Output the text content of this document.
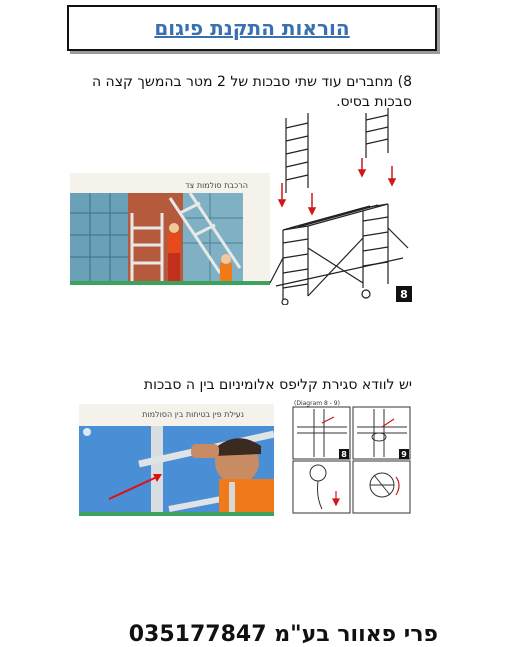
הוראות התקנת פיגום
8) מחברים עוד שתי סבכות של 2 מטר בהמשך קצה ה סבכות בסיס.
הרכבת סולמות צד
8
יש לוודא סגירת קליפס אלומיניום בין ה סבכות
נעילת פין בטיחות בין הסולמות
(Diagram 8 - 9)
8	9
פרי פאוור בע"מ 035177847
